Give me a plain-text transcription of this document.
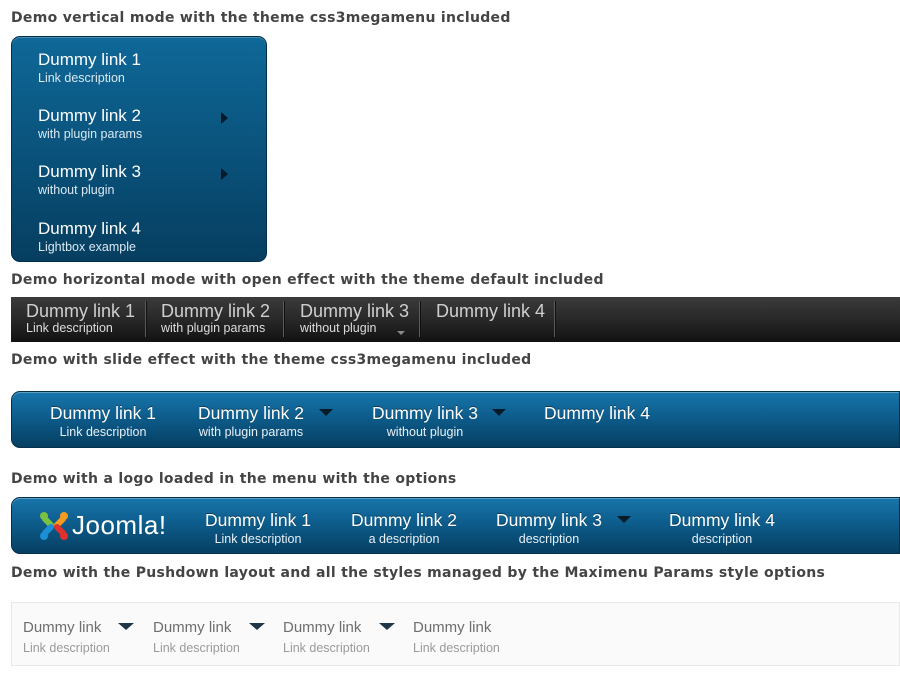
Demo vertical mode with the theme css3megamenu included
Dummy link 1
Link description
Dummy link 2
with plugin params
Dummy link 3
without plugin
Dummy link 4
Lightbox example
Demo horizontal mode with open effect with the theme default included
Dummy link 1
Link description
Dummy link 2
with plugin params
Dummy link 3
without plugin
Dummy link 4
Demo with slide effect with the theme css3megamenu included
Dummy link 1
Link description
Dummy link 2
with plugin params
Dummy link 3
without plugin
Dummy link 4
Demo with a logo loaded in the menu with the options
Joomla!	Dummy link 1
Link description
Dummy link 2
a description
Dummy link 3
description
Dummy link 4
description
Demo with the Pushdown layout and all the styles managed by the Maximenu Params style options
Dummy link
Link description
Dummy link
Link description
Dummy link
Link description
Dummy link
Link description
